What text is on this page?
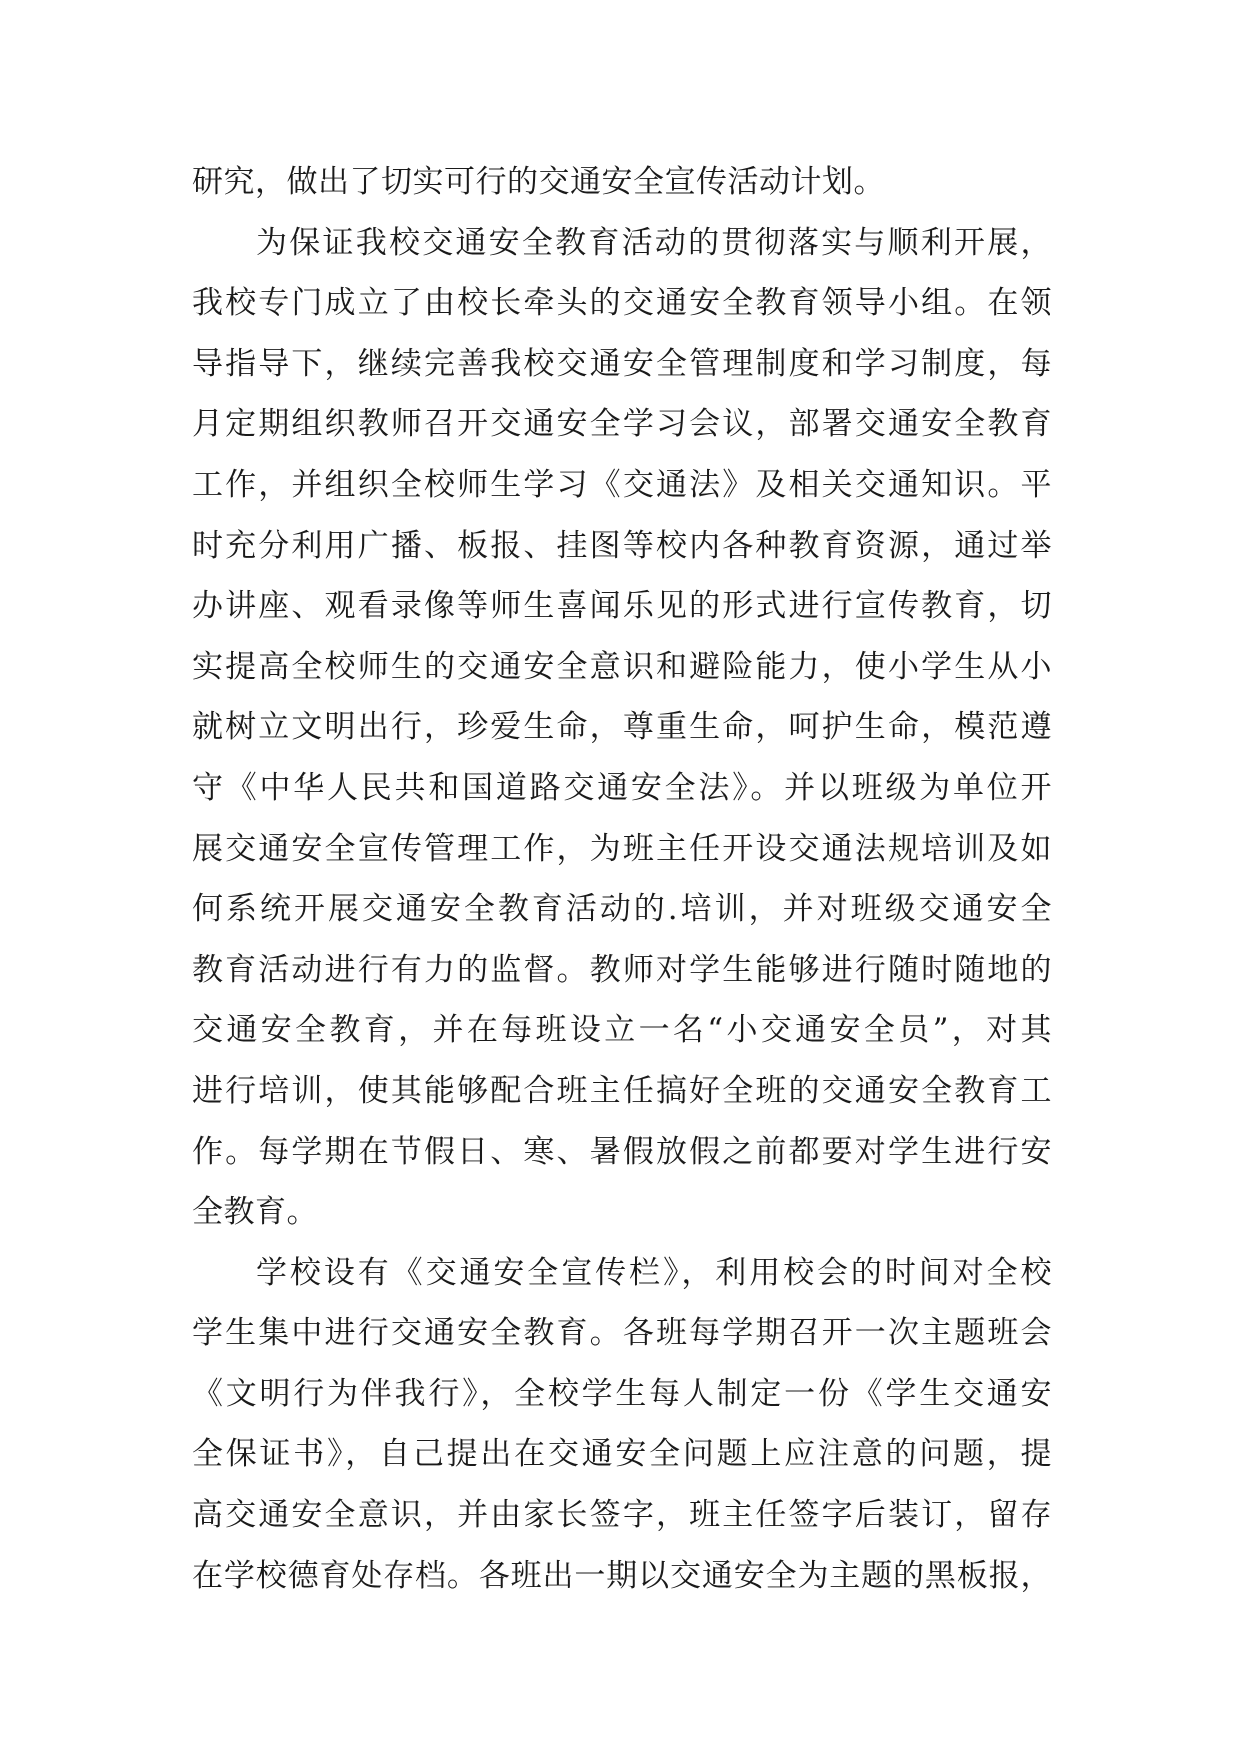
研究，做出了切实可行的交通安全宣传活动计划。
为保证我校交通安全教育活动的贯彻落实与顺利开展，
我校专门成立了由校长牵头的交通安全教育领导小组。在领
导指导下，继续完善我校交通安全管理制度和学习制度，每
月定期组织教师召开交通安全学习会议，部署交通安全教育
工作，并组织全校师生学习《交通法》及相关交通知识。平
时充分利用广播、板报、挂图等校内各种教育资源，通过举
办讲座、观看录像等师生喜闻乐见的形式进行宣传教育，切
实提高全校师生的交通安全意识和避险能力，使小学生从小
就树立文明出行，珍爱生命，尊重生命，呵护生命，模范遵
守《中华人民共和国道路交通安全法》。并以班级为单位开
展交通安全宣传管理工作，为班主任开设交通法规培训及如
何系统开展交通安全教育活动的.培训，并对班级交通安全
教育活动进行有力的监督。教师对学生能够进行随时随地的
交通安全教育，并在每班设立一名“小交通安全员”，对其
进行培训，使其能够配合班主任搞好全班的交通安全教育工
作。每学期在节假日、寒、暑假放假之前都要对学生进行安
全教育。
学校设有《交通安全宣传栏》，利用校会的时间对全校
学生集中进行交通安全教育。各班每学期召开一次主题班会
《文明行为伴我行》，全校学生每人制定一份《学生交通安
全保证书》，自己提出在交通安全问题上应注意的问题，提
高交通安全意识，并由家长签字，班主任签字后装订，留存
在学校德育处存档。各班出一期以交通安全为主题的黑板报，
